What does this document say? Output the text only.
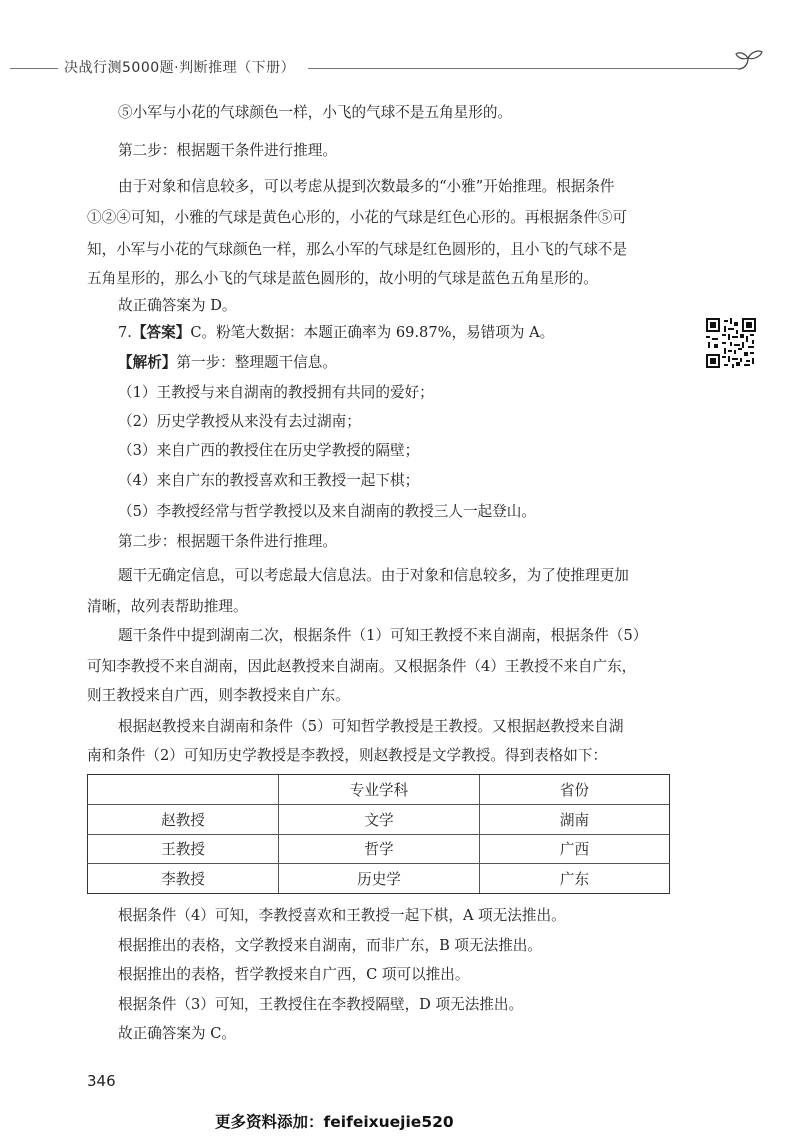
决战行测5000题·判断推理（下册）
⑤小军与小花的气球颜色一样，小飞的气球不是五角星形的。
第二步：根据题干条件进行推理。
由于对象和信息较多，可以考虑从提到次数最多的“小雅”开始推理。根据条件
①②④可知，小雅的气球是黄色心形的，小花的气球是红色心形的。再根据条件⑤可
知，小军与小花的气球颜色一样，那么小军的气球是红色圆形的，且小飞的气球不是
五角星形的，那么小飞的气球是蓝色圆形的，故小明的气球是蓝色五角星形的。
故正确答案为 D。
7.【答案】C。粉笔大数据：本题正确率为 69.87%，易错项为 A。
【解析】第一步：整理题干信息。
（1）王教授与来自湖南的教授拥有共同的爱好；
（2）历史学教授从来没有去过湖南；
（3）来自广西的教授住在历史学教授的隔壁；
（4）来自广东的教授喜欢和王教授一起下棋；
（5）李教授经常与哲学教授以及来自湖南的教授三人一起登山。
第二步：根据题干条件进行推理。
题干无确定信息，可以考虑最大信息法。由于对象和信息较多，为了使推理更加
清晰，故列表帮助推理。
题干条件中提到湖南二次，根据条件（1）可知王教授不来自湖南，根据条件（5）
可知李教授不来自湖南，因此赵教授来自湖南。又根据条件（4）王教授不来自广东，
则王教授来自广西，则李教授来自广东。
根据赵教授来自湖南和条件（5）可知哲学教授是王教授。又根据赵教授来自湖
南和条件（2）可知历史学教授是李教授，则赵教授是文学教授。得到表格如下：
	专业学科	省份
赵教授	文学	湖南
王教授	哲学	广西
李教授	历史学	广东
根据条件（4）可知，李教授喜欢和王教授一起下棋，A 项无法推出。
根据推出的表格，文学教授来自湖南，而非广东，B 项无法推出。
根据推出的表格，哲学教授来自广西，C 项可以推出。
根据条件（3）可知，王教授住在李教授隔壁，D 项无法推出。
故正确答案为 C。
346
更多资料添加：feifeixuejie520
